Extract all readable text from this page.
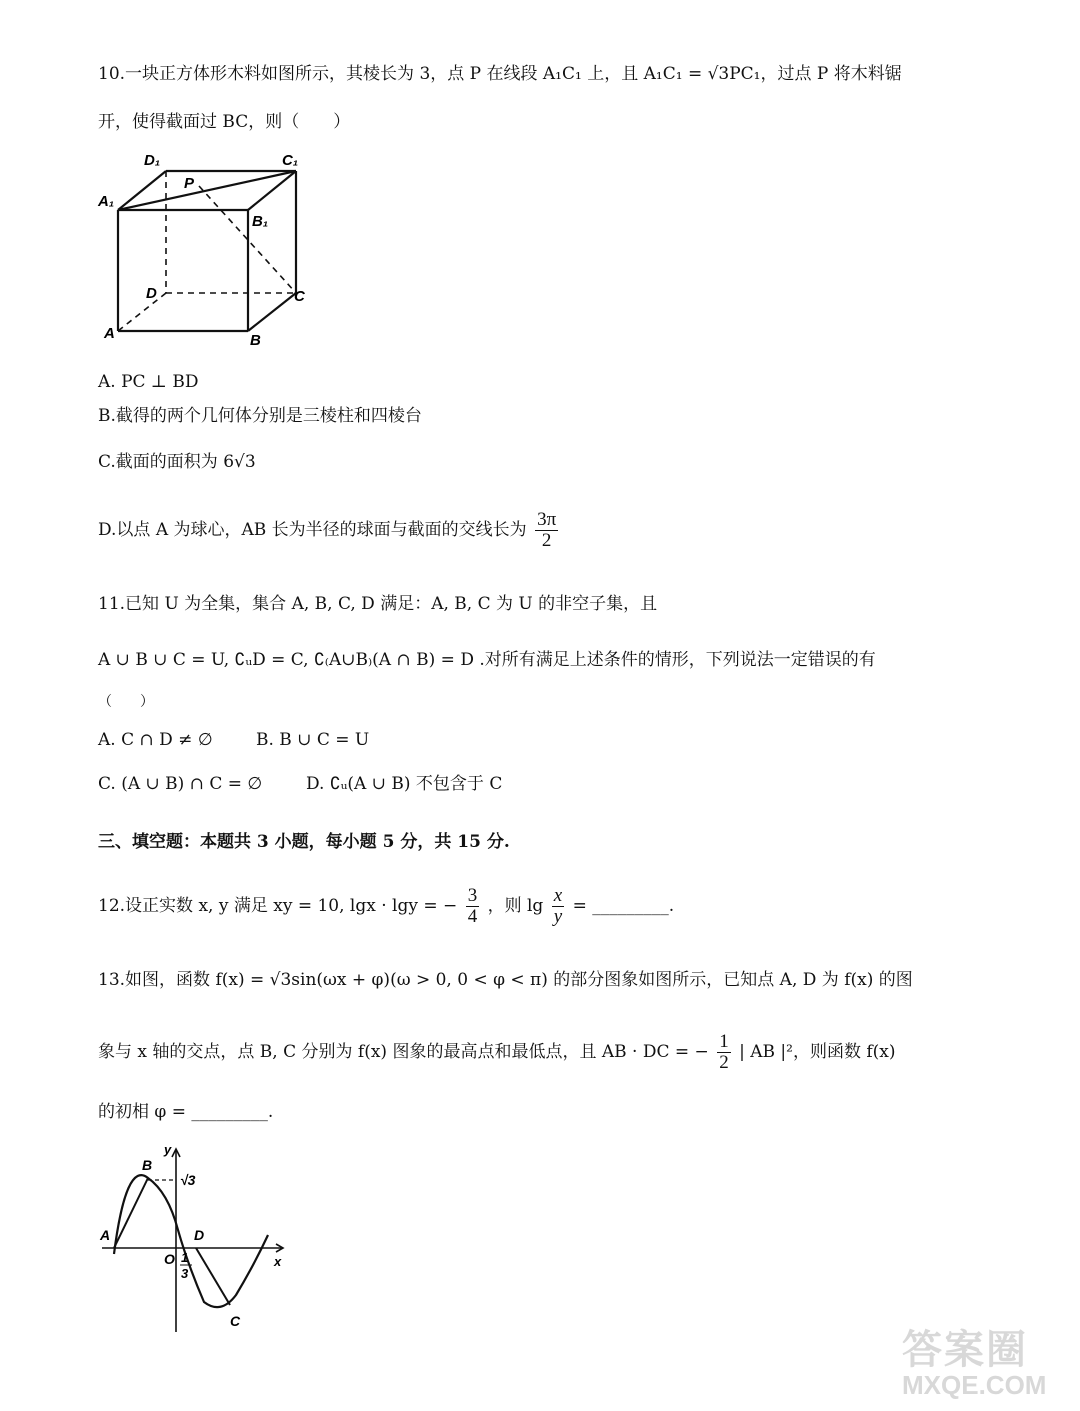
10.一块正方体形木料如图所示，其棱长为 3，点 P 在线段 A₁C₁ 上，且 A₁C₁ = √3PC₁，过点 P 将木料锯
开，使得截面过 BC，则（　　）
D₁	C₁
A₁
B₁
P
D	C
A	B
A. PC ⊥ BD
B.截得的两个几何体分别是三棱柱和四棱台
C.截面的面积为 6√3
D.以点 A 为球心，AB 长为半径的球面与截面的交线长为 $\frac{3\pi}{2}$
11.已知 U 为全集，集合 A, B, C, D 满足：A, B, C 为 U 的非空子集，且
A ∪ B ∪ C = U, ∁ᵤD = C, ∁₍A∪B₎(A ∩ B) = D .对所有满足上述条件的情形，下列说法一定错误的有
（　　）
A. C ∩ D ≠ ∅	B. B ∪ C = U
C. (A ∪ B) ∩ C = ∅	D. ∁ᵤ(A ∪ B) 不包含于 C
三、填空题：本题共 3 小题，每小题 5 分，共 15 分.
12.设正实数 x, y 满足 xy = 10, lgx · lgy = − $\frac{3}{4}$ ，则 $\lg \frac{x}{y}$ = _________.
13.如图，函数 f(x) = √3sin(ωx + φ)(ω > 0, 0 < φ < π) 的部分图象如图所示，已知点 A, D 为 f(x) 的图
象与 x 轴的交点，点 B, C 分别为 f(x) 图象的最高点和最低点，且 AB · DC = − $\frac{1}{2}$ | AB |²，则函数 f(x)
的初相 φ = _________.
B
y
√3
A	D
O	x
1
3
C
答案圈
MXQE.COM
